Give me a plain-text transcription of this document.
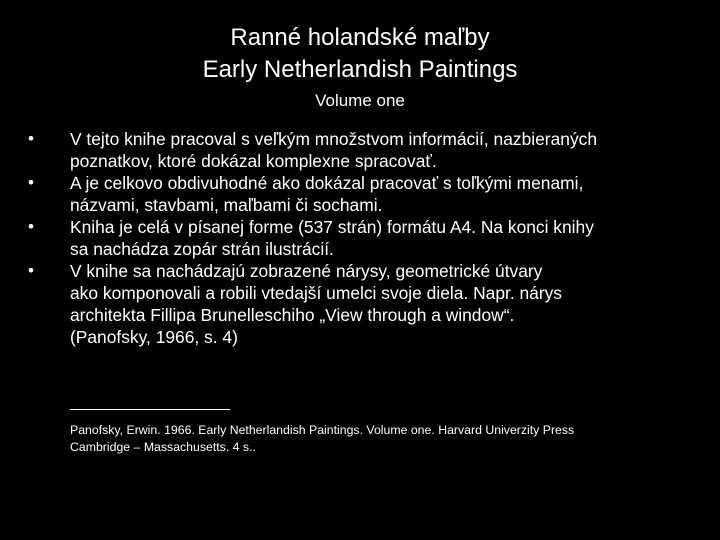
Ranné holandské maľby
Early Netherlandish Paintings
Volume one
•	V tejto knihe pracoval s veľkým množstvom informácií, nazbieraných
poznatkov, ktoré dokázal komplexne spracovať.
•	A je celkovo obdivuhodné ako dokázal pracovať s toľkými menami,
názvami, stavbami, maľbami či sochami.
•	Kniha je celá v písanej forme (537 strán) formátu A4. Na konci knihy
sa nachádza zopár strán ilustrácií.
•	V knihe sa nachádzajú zobrazené nárysy, geometrické útvary
ako komponovali a robili vtedajší umelci svoje diela. Napr. nárys
architekta Fillipa Brunelleschiho „View through a window“.
(Panofsky, 1966, s. 4)
__________________
Panofsky, Erwin. 1966. Early Netherlandish Paintings. Volume one. Harvard Univerzity Press
Cambridge – Massachusetts. 4 s..
